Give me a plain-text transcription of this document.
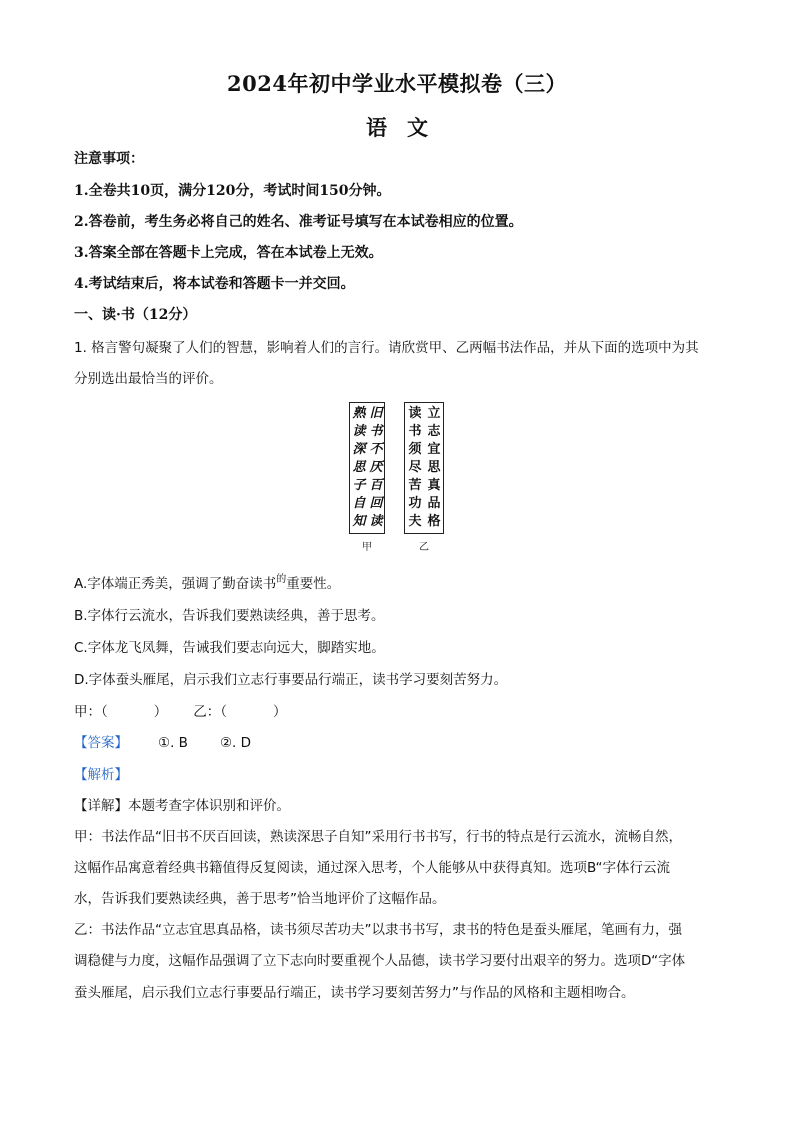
2024年初中学业水平模拟卷（三）
语文
注意事项：
1.全卷共10页，满分120分，考试时间150分钟。
2.答卷前，考生务必将自己的姓名、准考证号填写在本试卷相应的位置。
3.答案全部在答题卡上完成，答在本试卷上无效。
4.考试结束后，将本试卷和答题卡一并交回。
一、读·书（12分）
1. 格言警句凝聚了人们的智慧，影响着人们的言行。请欣赏甲、乙两幅书法作品，并从下面的选项中为其
分别选出最恰当的评价。
旧
书
不
厌
百
回
读
熟
读
深
思
子
自
知
甲
立
志
宜
思
真
品
格
读
书
须
尽
苦
功
夫
乙
A.字体端正秀美，强调了勤奋读书$^的$重要性。
B.字体行云流水，告诉我们要熟读经典，善于思考。
C.字体龙飞凤舞，告诫我们要志向远大，脚踏实地。
D.字体蚕头雁尾，启示我们立志行事要品行端正，读书学习要刻苦努力。
甲：（	） 乙：（	）
【答案】 ①. B ②. D
【解析】
【详解】本题考查字体识别和评价。
甲：书法作品“旧书不厌百回读，熟读深思子自知”采用行书书写，行书的特点是行云流水，流畅自然，
这幅作品寓意着经典书籍值得反复阅读，通过深入思考，个人能够从中获得真知。选项B“字体行云流
水，告诉我们要熟读经典，善于思考”恰当地评价了这幅作品。
乙：书法作品“立志宜思真品格，读书须尽苦功夫”以隶书书写，隶书的特色是蚕头雁尾，笔画有力，强
调稳健与力度，这幅作品强调了立下志向时要重视个人品德，读书学习要付出艰辛的努力。选项D“字体
蚕头雁尾，启示我们立志行事要品行端正，读书学习要刻苦努力”与作品的风格和主题相吻合。
